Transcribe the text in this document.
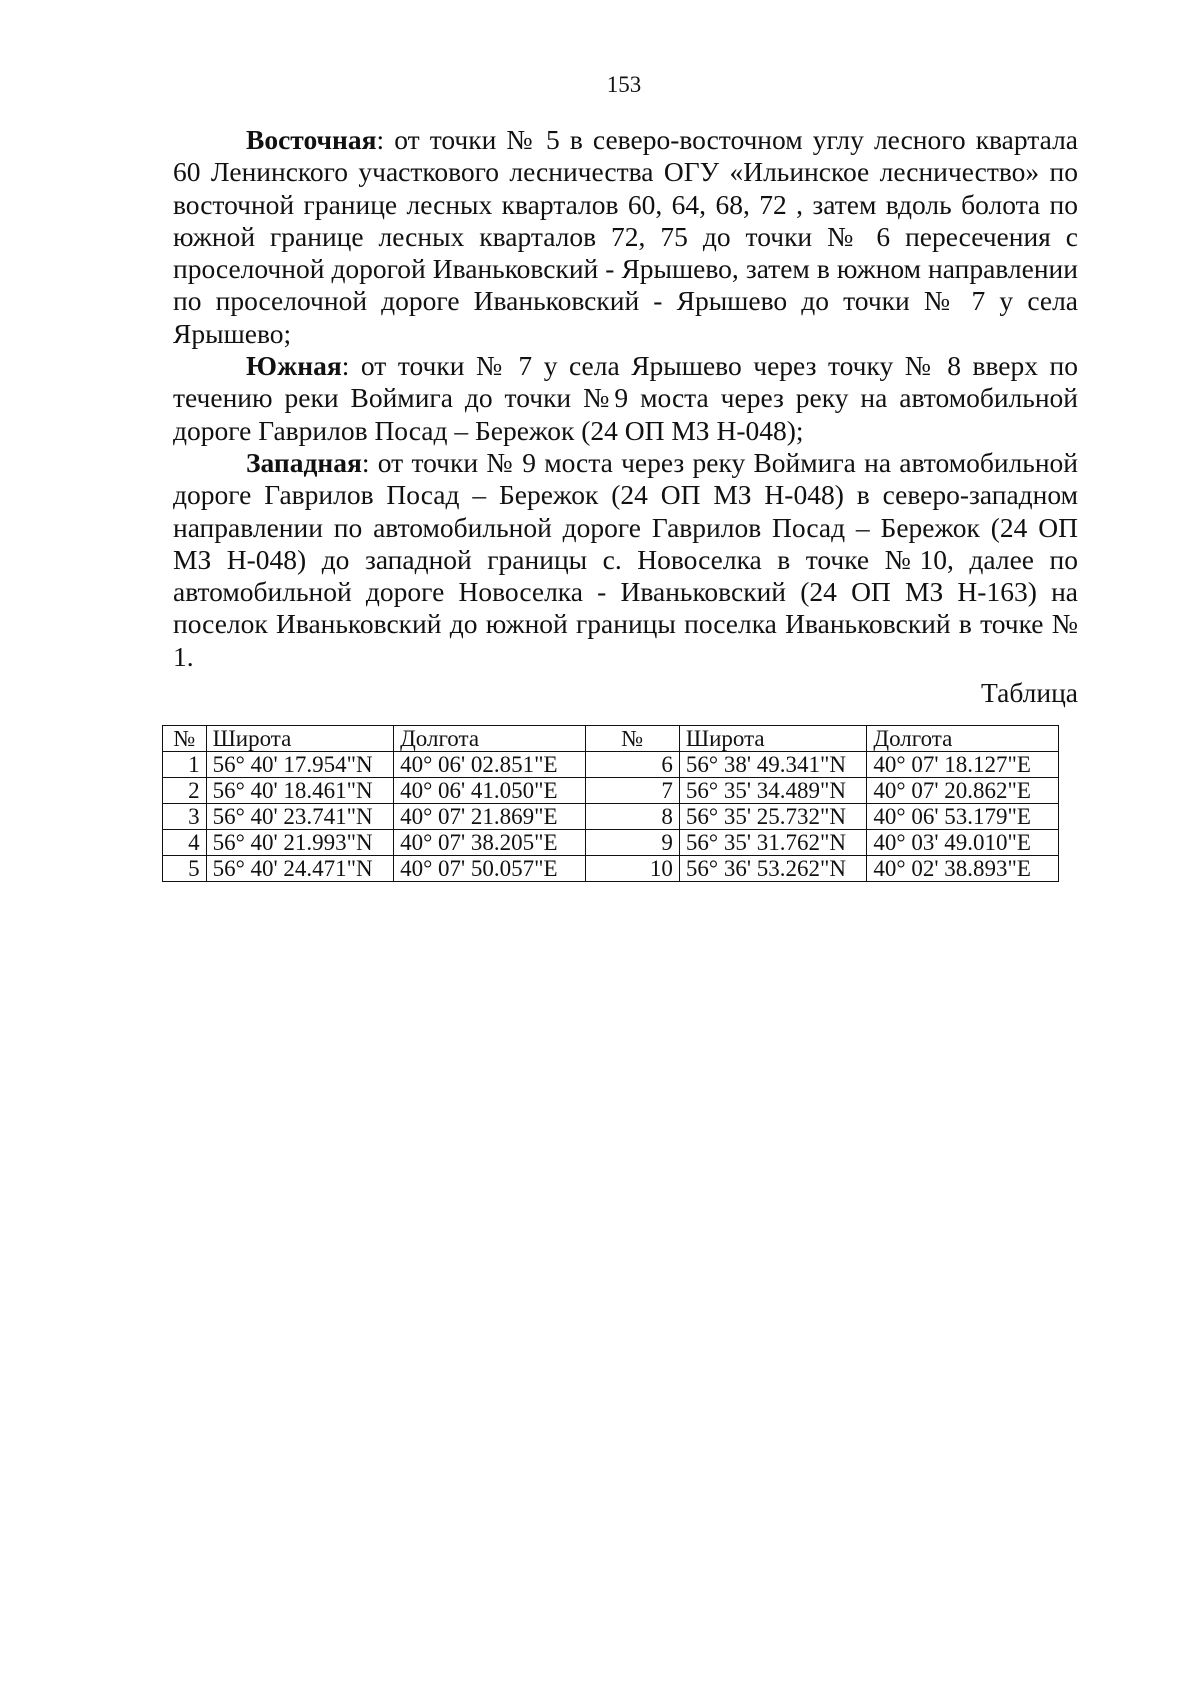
153

Восточная: от точки № 5 в северо-восточном углу лесного квартала 60 Ленинского участкового лесничества ОГУ «Ильинское лесничество» по восточной границе лесных кварталов 60, 64, 68, 72 , затем вдоль болота по южной границе лесных кварталов 72, 75 до точки № 6 пересечения с проселочной дорогой Иваньковский - Ярышево, затем в южном направлении по проселочной дороге Иваньковский - Ярышево до точки № 7 у села Ярышево;

Южная: от точки № 7 у села Ярышево через точку № 8 вверх по течению реки Воймига до точки №9 моста через реку на автомобильной дороге Гаврилов Посад – Бережок (24 ОП МЗ Н-048);

Западная: от точки № 9 моста через реку Воймига на автомобильной дороге Гаврилов Посад – Бережок (24 ОП МЗ Н-048) в северо-западном направлении по автомобильной дороге Гаврилов Посад – Бережок (24 ОП МЗ Н-048) до западной границы с. Новоселка в точке №10, далее по автомобильной дороге Новоселка - Иваньковский (24 ОП МЗ Н-163) на поселок Иваньковский до южной границы поселка Иваньковский в точке № 1.

Таблица

№	Широта	Долгота	№	Широта	Долгота
1	56° 40' 17.954"N	40° 06' 02.851"E	6	56° 38' 49.341"N	40° 07' 18.127"E
2	56° 40' 18.461"N	40° 06' 41.050"E	7	56° 35' 34.489"N	40° 07' 20.862"E
3	56° 40' 23.741"N	40° 07' 21.869"E	8	56° 35' 25.732"N	40° 06' 53.179"E
4	56° 40' 21.993"N	40° 07' 38.205"E	9	56° 35' 31.762"N	40° 03' 49.010"E
5	56° 40' 24.471"N	40° 07' 50.057"E	10	56° 36' 53.262"N	40° 02' 38.893"E
